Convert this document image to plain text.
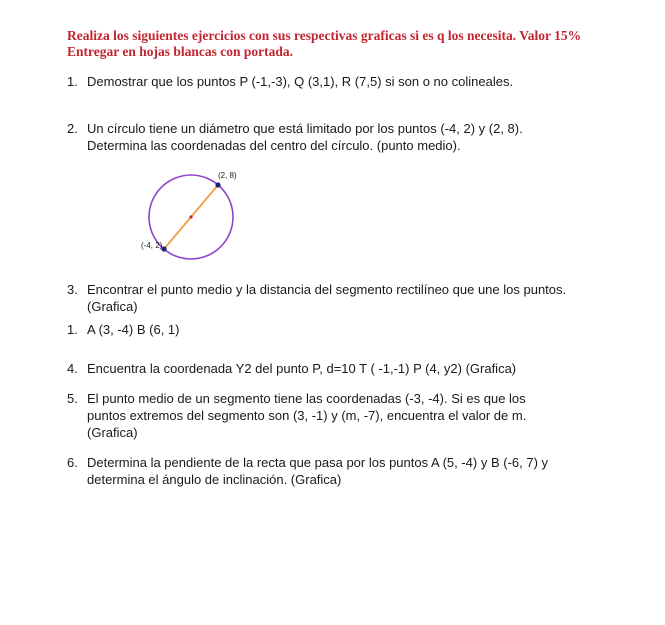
Realiza los siguientes ejercicios con sus respectivas graficas si es q los necesita. Valor 15%
Entregar en hojas blancas con portada.
1. Demostrar que los puntos P (-1,-3), Q (3,1), R (7,5) si son o no colineales.
2. Un círculo tiene un diámetro que está limitado por los puntos (-4, 2) y (2, 8).
Determina las coordenadas del centro del círculo. (punto medio).
(2, 8)
(-4, 2)
3. Encontrar el punto medio y la distancia del segmento rectilíneo que une los puntos.
(Grafica)
1. A (3, -4) B (6, 1)
4. Encuentra la coordenada Y2 del punto P, d=10 T ( -1,-1) P (4, y2) (Grafica)
5. El punto medio de un segmento tiene las coordenadas (-3, -4). Si es que los
puntos extremos del segmento son (3, -1) y (m, -7), encuentra el valor de m.
(Grafica)
6. Determina la pendiente de la recta que pasa por los puntos A (5, -4) y B (-6, 7) y
determina el ángulo de inclinación. (Grafica)
